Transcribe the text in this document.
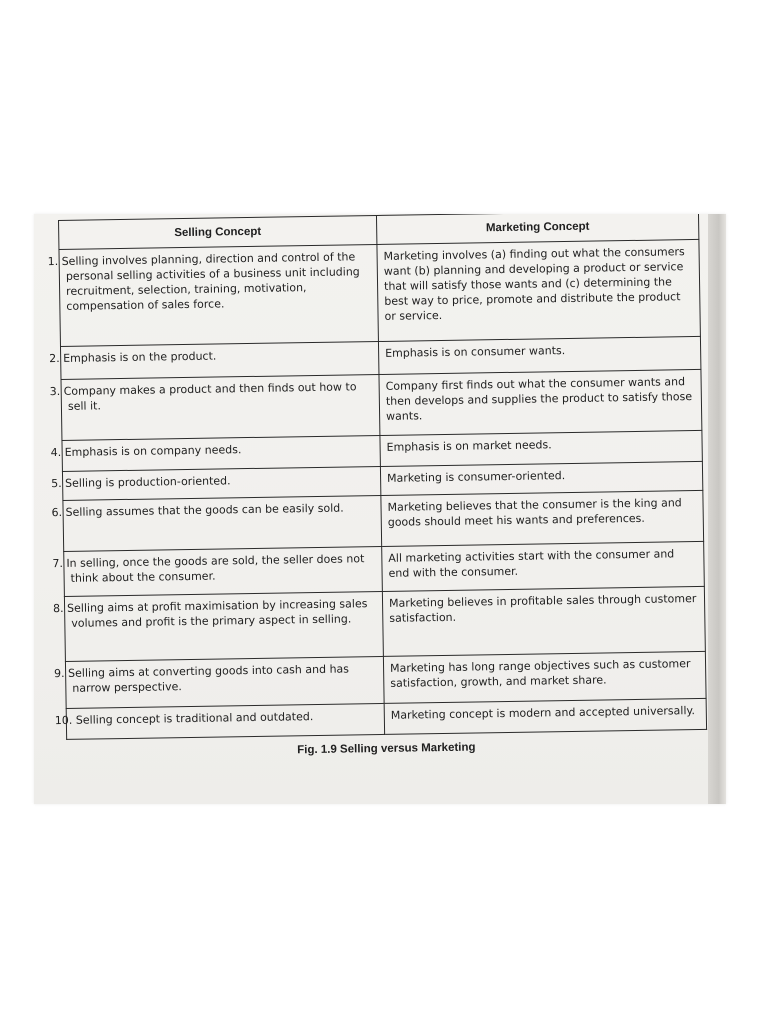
Selling Concept	Marketing Concept
1. Selling involves planning, direction and control of the personal selling activities of a business unit including recruitment, selection, training, motivation, compensation of sales force.	Marketing involves (a) finding out what the consumers want (b) planning and developing a product or service that will satisfy those wants and (c) determining the best way to price, promote and distribute the product or service.
2. Emphasis is on the product.	Emphasis is on consumer wants.
3. Company makes a product and then finds out how to sell it.	Company first finds out what the consumer wants and then develops and supplies the product to satisfy those wants.
4. Emphasis is on company needs.	Emphasis is on market needs.
5. Selling is production-oriented.	Marketing is consumer-oriented.
6. Selling assumes that the goods can be easily sold.	Marketing believes that the consumer is the king and goods should meet his wants and preferences.
7. In selling, once the goods are sold, the seller does not think about the consumer.	All marketing activities start with the consumer and end with the consumer.
8. Selling aims at profit maximisation by increasing sales volumes and profit is the primary aspect in selling.	Marketing believes in profitable sales through customer satisfaction.
9. Selling aims at converting goods into cash and has narrow perspective.	Marketing has long range objectives such as customer satisfaction, growth, and market share.
10. Selling concept is traditional and outdated.	Marketing concept is modern and accepted universally.
Fig. 1.9 Selling versus Marketing
